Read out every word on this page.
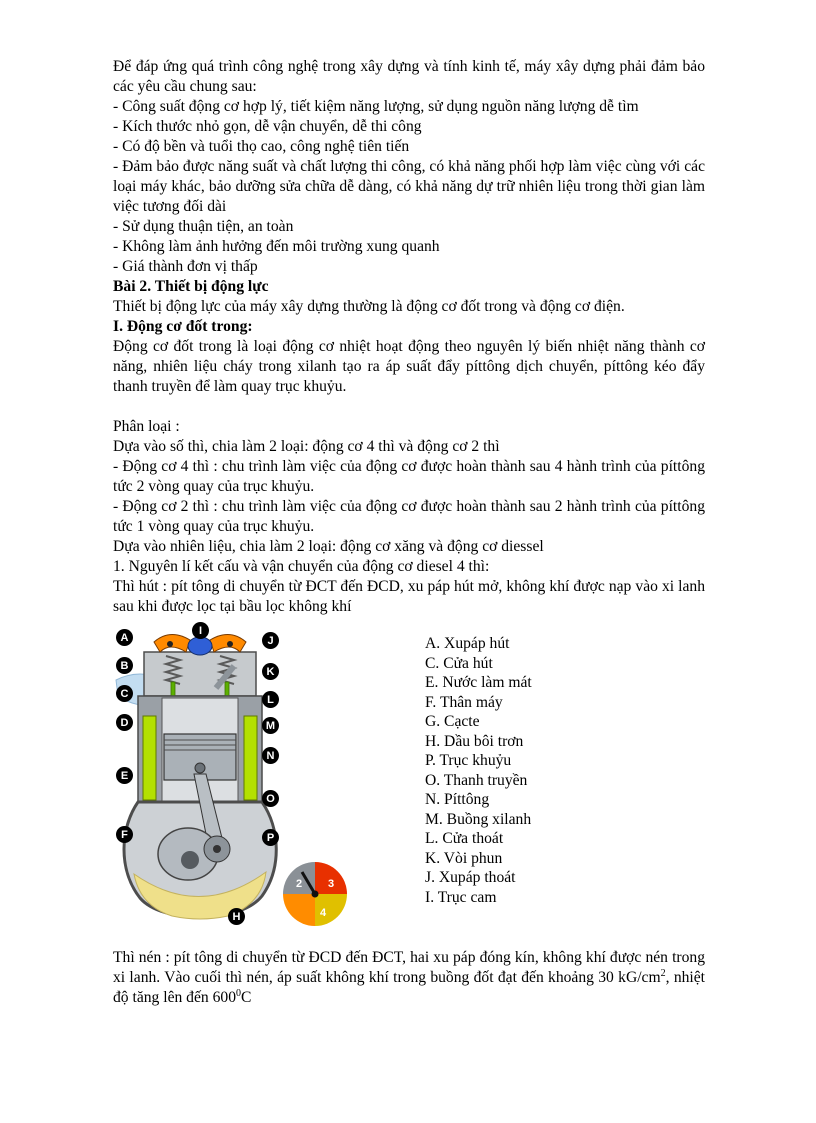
Để đáp ứng quá trình công nghệ trong xây dựng và tính kinh tế, máy xây dựng phải đảm bảo các yêu cầu chung sau:
- Công suất động cơ hợp lý, tiết kiệm năng lượng, sử dụng nguồn năng lượng dễ tìm
- Kích thước nhỏ gọn, dễ vận chuyển, dễ thi công
- Có độ bền và tuổi thọ cao, công nghệ tiên tiến
- Đảm bảo được năng suất và chất lượng thi công, có khả năng phối hợp làm việc cùng với các loại máy khác, bảo dưỡng sửa chữa dễ dàng, có khả năng dự trữ nhiên liệu trong thời gian làm việc tương đối dài
- Sử dụng thuận tiện, an toàn
- Không làm ảnh hưởng đến môi trường xung quanh
- Giá thành đơn vị thấp
Bài 2. Thiết bị động lực
Thiết bị động lực của máy xây dựng thường là động cơ đốt trong và động cơ điện.
I. Động cơ đốt trong:
Động cơ đốt trong là loại động cơ nhiệt hoạt động theo nguyên lý biến nhiệt năng thành cơ năng, nhiên liệu cháy trong xilanh tạo ra áp suất đẩy píttông dịch chuyển, píttông kéo đẩy thanh truyền để làm quay trục khuỷu.
Phân loại :
Dựa vào số thì, chia làm 2 loại: động cơ 4 thì và động cơ 2 thì
- Động cơ 4 thì : chu trình làm việc của động cơ được hoàn thành sau 4 hành trình của píttông tức 2 vòng quay của trục khuỷu.
- Động cơ 2 thì : chu trình làm việc của động cơ được hoàn thành sau 2 hành trình của píttông tức 1 vòng quay của trục khuỷu.
Dựa vào nhiên liệu, chia làm 2 loại: động cơ xăng và động cơ diessel
1. Nguyên lí kết cấu và vận chuyển của động cơ diesel 4 thì:
Thì hút : pít tông di chuyển từ ĐCT đến ĐCD, xu páp hút mở, không khí được nạp vào xi lanh sau khi được lọc tại bầu lọc không khí
2 3
4
A
B
C
D
E
F
I
J
K
L
M
N
O
P
H
A. Xupáp hút
C. Cửa hút
E. Nước làm mát
F. Thân máy
G. Cạcte
H. Dầu bôi trơn
P. Trục khuỷu
O. Thanh truyền
N. Píttông
M. Buồng xilanh
L. Cửa thoát
K. Vòi phun
J. Xupáp thoát
I. Trục cam
Thì nén : pít tông di chuyển từ ĐCD đến ĐCT, hai xu páp đóng kín, không khí được nén trong xi lanh. Vào cuối thì nén, áp suất không khí trong buồng đốt đạt đến khoảng 30 $kG/cm^2$, nhiệt độ tăng lên đến $600^0C$
